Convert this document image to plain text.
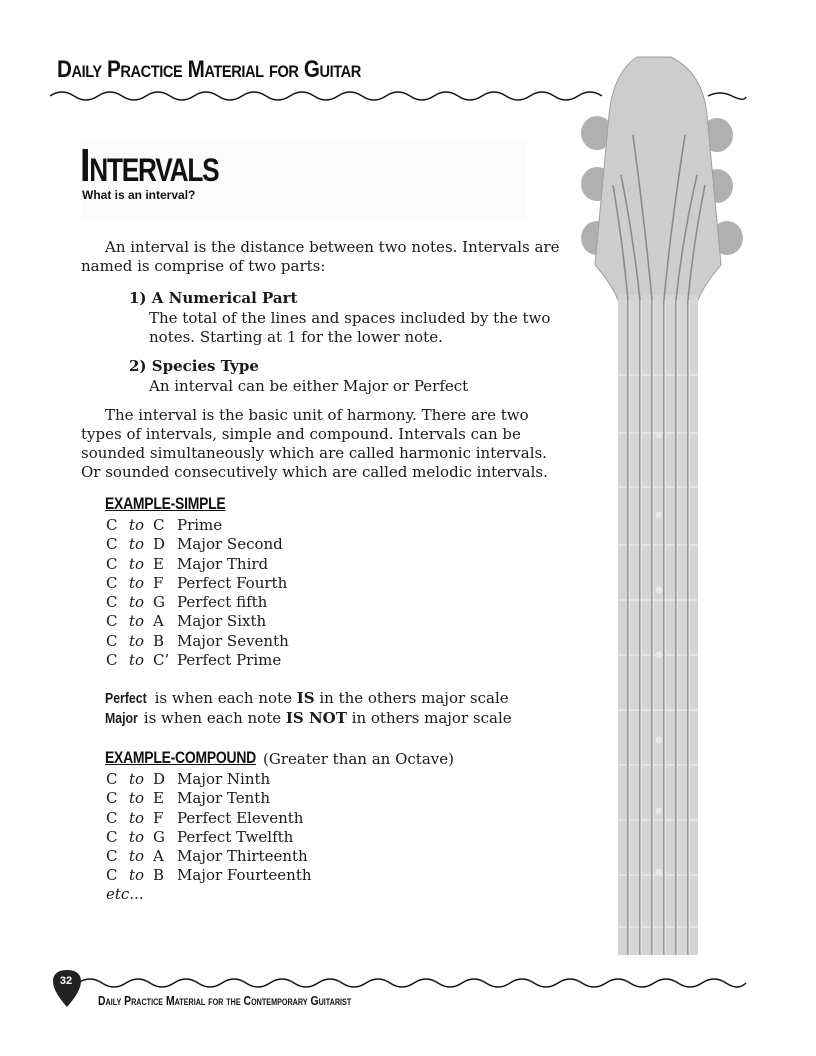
Daily Practice Material for Guitar
Intervals
What is an interval?

An interval is the distance between two notes. Intervals are named is comprise of two parts:

1) A Numerical Part
The total of the lines and spaces included by the two notes. Starting at 1 for the lower note.
2) Species Type
An interval can be either Major or Perfect

The interval is the basic unit of harmony. There are two types of intervals, simple and compound. Intervals can be sounded simultaneously which are called harmonic intervals. Or sounded consecutively which are called melodic intervals.

EXAMPLE-SIMPLE
C to C Prime
C to D Major Second
C to E Major Third
C to F Perfect Fourth
C to G Perfect fifth
C to A Major Sixth
C to B Major Seventh
C to C’ Perfect Prime
Perfect is when each note IS in the others major scale
Major is when each note IS NOT in others major scale
EXAMPLE-COMPOUND (Greater than an Octave)
C to D Major Ninth
C to E Major Tenth
C to F Perfect Eleventh
C to G Perfect Twelfth
C to A Major Thirteenth
C to B Major Fourteenth
etc...
32
Daily Practice Material for the Contemporary Guitarist
